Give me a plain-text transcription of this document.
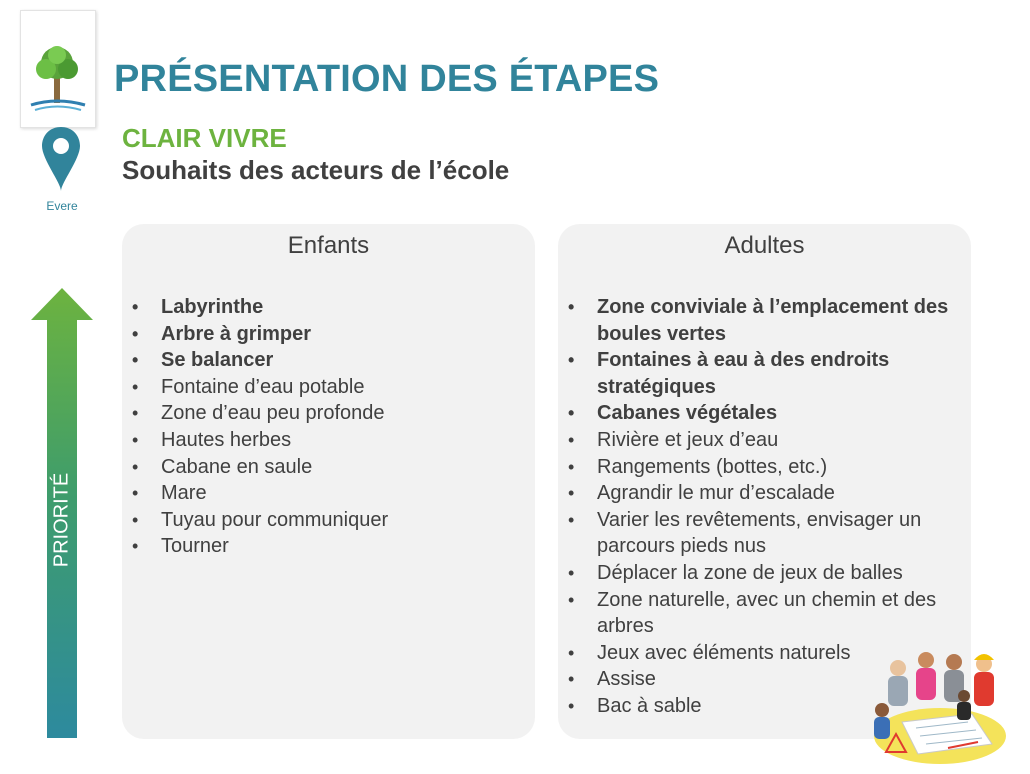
PRÉSENTATION DES ÉTAPES
Evere
CLAIR VIVRE
Souhaits des acteurs de l’école
PRIORITÉ
Enfants
• Labyrinthe
• Arbre à grimper
• Se balancer
• Fontaine d’eau potable
• Zone d’eau peu profonde
• Hautes herbes
• Cabane en saule
• Mare
• Tuyau pour communiquer
• Tourner
Adultes
• Zone conviviale à l’emplacement des boules vertes
• Fontaines à eau à des endroits stratégiques
• Cabanes végétales
• Rivière et jeux d’eau
• Rangements (bottes, etc.)
• Agrandir le mur d’escalade
• Varier les revêtements, envisager un parcours pieds nus
• Déplacer la zone de jeux de balles
• Zone naturelle, avec un chemin et des arbres
• Jeux avec éléments naturels
• Assise
• Bac à sable
